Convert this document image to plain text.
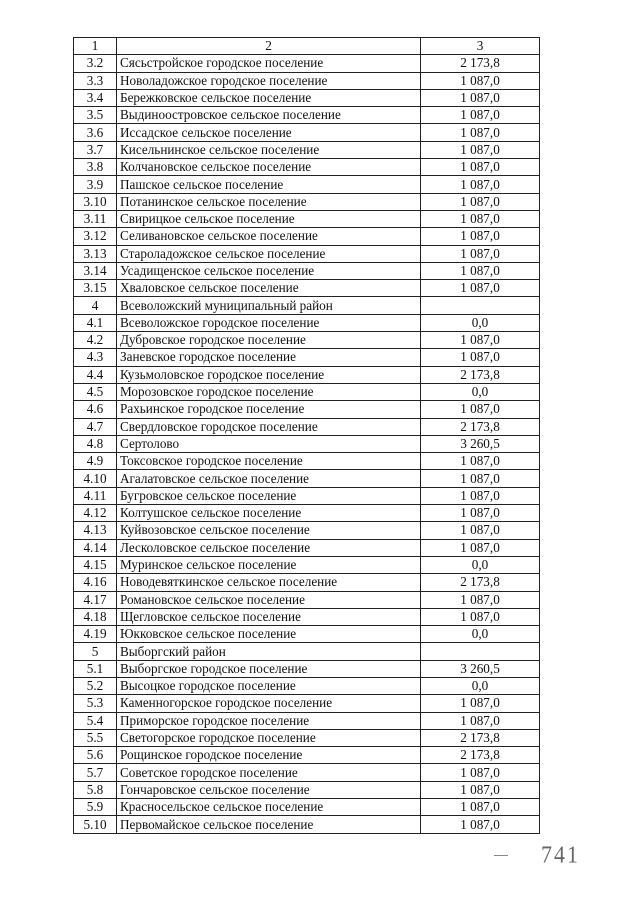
1	2	3
3.2	Сясьстройское городское поселение	2 173,8
3.3	Новоладожское городское поселение	1 087,0
3.4	Бережковское сельское поселение	1 087,0
3.5	Выдиноостровское сельское поселение	1 087,0
3.6	Иссадское сельское поселение	1 087,0
3.7	Кисельнинское сельское поселение	1 087,0
3.8	Колчановское сельское поселение	1 087,0
3.9	Пашское сельское поселение	1 087,0
3.10	Потанинское сельское поселение	1 087,0
3.11	Свирицкое сельское поселение	1 087,0
3.12	Селивановское сельское поселение	1 087,0
3.13	Староладожское сельское поселение	1 087,0
3.14	Усадищенское сельское поселение	1 087,0
3.15	Хваловское сельское поселение	1 087,0
4	Всеволожский муниципальный район	
4.1	Всеволожское городское поселение	0,0
4.2	Дубровское городское поселение	1 087,0
4.3	Заневское городское поселение	1 087,0
4.4	Кузьмоловское городское поселение	2 173,8
4.5	Морозовское городское поселение	0,0
4.6	Рахьинское городское поселение	1 087,0
4.7	Свердловское городское поселение	2 173,8
4.8	Сертолово	3 260,5
4.9	Токсовское городское поселение	1 087,0
4.10	Агалатовское сельское поселение	1 087,0
4.11	Бугровское сельское поселение	1 087,0
4.12	Колтушское сельское поселение	1 087,0
4.13	Куйвозовское сельское поселение	1 087,0
4.14	Лесколовское сельское поселение	1 087,0
4.15	Муринское сельское поселение	0,0
4.16	Новодевяткинское сельское поселение	2 173,8
4.17	Романовское сельское поселение	1 087,0
4.18	Щегловское сельское поселение	1 087,0
4.19	Юкковское сельское поселение	0,0
5	Выборгский район	
5.1	Выборгское городское поселение	3 260,5
5.2	Высоцкое городское поселение	0,0
5.3	Каменногорское городское поселение	1 087,0
5.4	Приморское городское поселение	1 087,0
5.5	Светогорское городское поселение	2 173,8
5.6	Рощинское городское поселение	2 173,8
5.7	Советское городское поселение	1 087,0
5.8	Гончаровское сельское поселение	1 087,0
5.9	Красносельское сельское поселение	1 087,0
5.10	Первомайское сельское поселение	1 087,0
741
